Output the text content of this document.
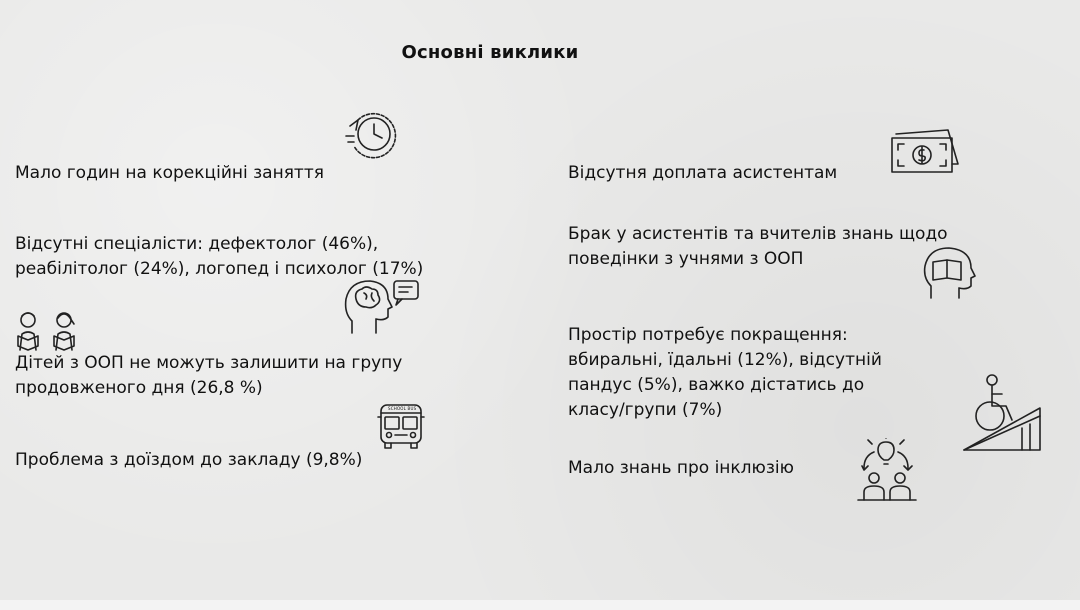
Основні виклики

Мало годин на корекційні заняття

Відсутні спеціалісти: дефектолог (46%), реабілітолог (24%), логопед і психолог (17%)

Дітей з ООП не можуть залишити на групу продовженого дня (26,8 %)

Проблема з доїздом до закладу (9,8%)

Відсутня доплата асистентам

Брак у асистентів та вчителів знань щодо поведінки з учнями з ООП

Простір потребує покращення: вбиральні, їдальні (12%), відсутній пандус (5%), важко дістатись до класу/групи (7%)

Мало знань про інклюзію

SCHOOL BUS
